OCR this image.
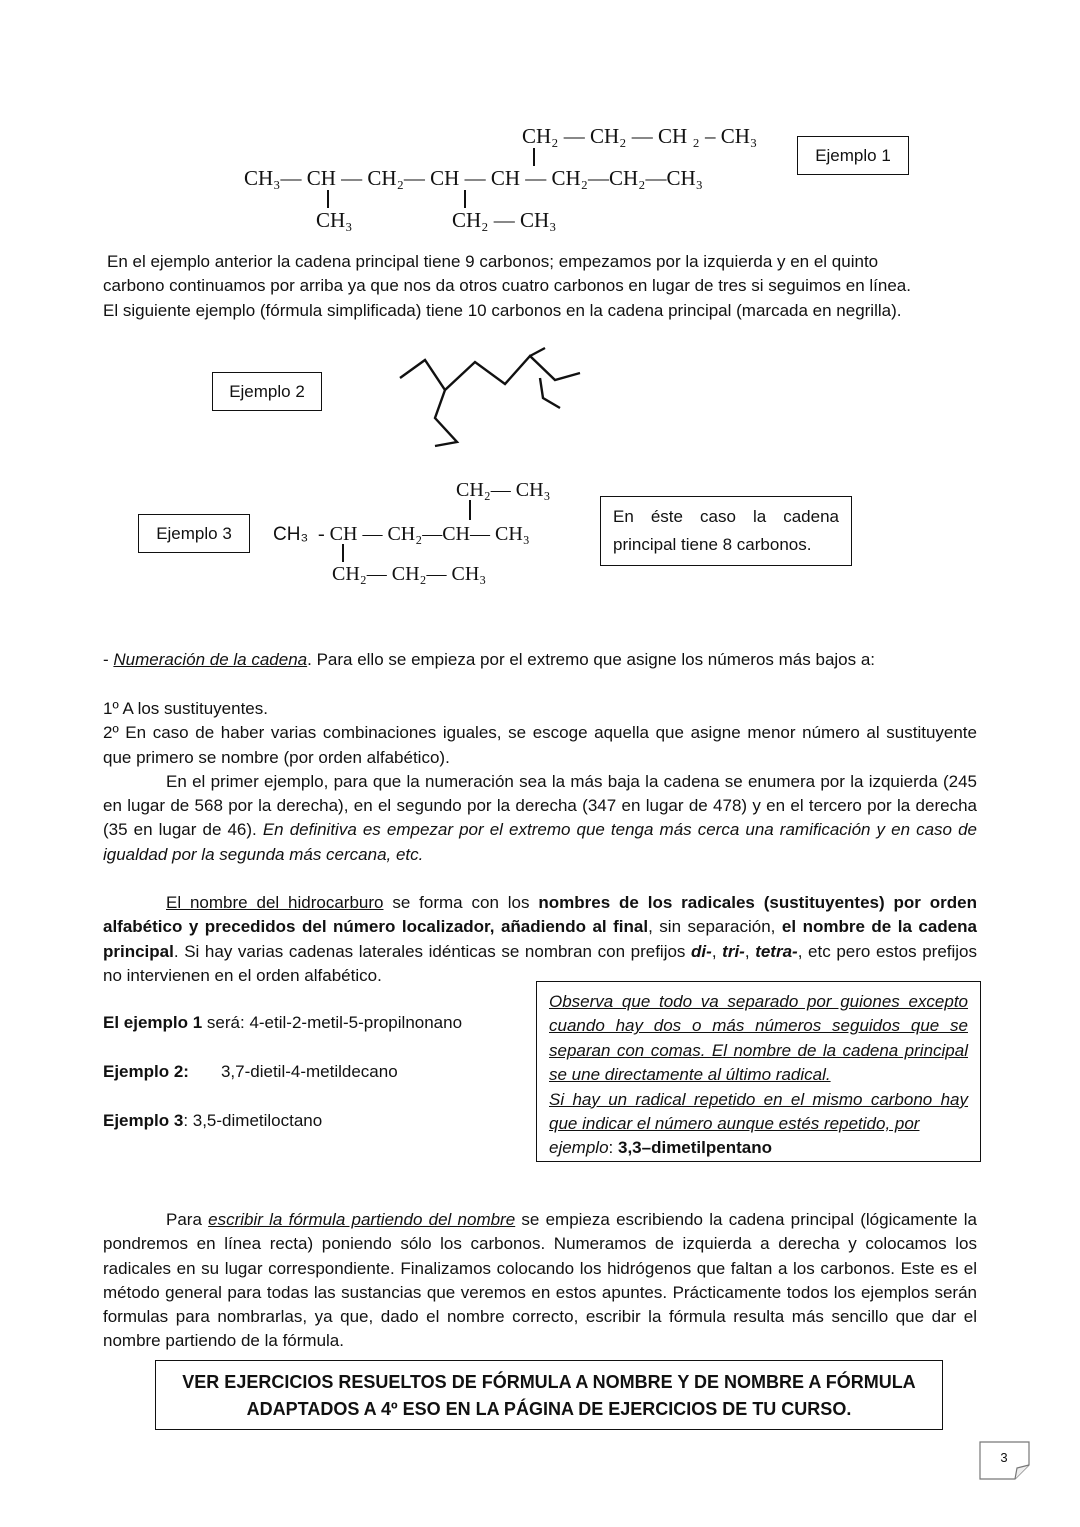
CH₂ — CH₂ — CH ₂ – CH₃
CH₃— CH — CH₂— CH — CH — CH₂—CH₂—CH₃
CH₃	CH₂ — CH₃
Ejemplo 1
En el ejemplo anterior la cadena principal tiene 9 carbonos; empezamos por la izquierda y en el quinto
carbono continuamos por arriba ya que nos da otros cuatro carbonos en lugar de tres si seguimos en línea.
El siguiente ejemplo (fórmula simplificada) tiene 10 carbonos en la cadena principal (marcada en negrilla).
Ejemplo 2
Ejemplo 3
CH₂— CH₃
CH₃ - CH — CH₂—CH— CH₃
CH₂— CH₂— CH₃
En éste caso la cadena principal tiene 8 carbonos.
- Numeración de la cadena. Para ello se empieza por el extremo que asigne los números más bajos a:
1º A los sustituyentes.
2º En caso de haber varias combinaciones iguales, se escoge aquella que asigne menor número al sustituyente que primero se nombre (por orden alfabético).
En el primer ejemplo, para que la numeración sea la más baja la cadena se enumera por la izquierda (245 en lugar de 568 por la derecha), en el segundo por la derecha (347 en lugar de 478) y en el tercero por la derecha (35 en lugar de 46). En definitiva es empezar por el extremo que tenga más cerca una ramificación y en caso de igualdad por la segunda más cercana, etc.
El nombre del hidrocarburo se forma con los nombres de los radicales (sustituyentes) por orden alfabético y precedidos del número localizador, añadiendo al final, sin separación, el nombre de la cadena principal. Si hay varias cadenas laterales idénticas se nombran con prefijos di-, tri-, tetra-, etc pero estos prefijos no intervienen en el orden alfabético.
El ejemplo 1 será: 4-etil-2-metil-5-propilnonano
Ejemplo 2: 3,7-dietil-4-metildecano
Ejemplo 3: 3,5-dimetiloctano
Observa que todo va separado por guiones excepto cuando hay dos o más números seguidos que se separan con comas. El nombre de la cadena principal se une directamente al último radical.
Si hay un radical repetido en el mismo carbono hay que indicar el número aunque estés repetido, por
ejemplo: 3,3–dimetilpentano
Para escribir la fórmula partiendo del nombre se empieza escribiendo la cadena principal (lógicamente la pondremos en línea recta) poniendo sólo los carbonos. Numeramos de izquierda a derecha y colocamos los radicales en su lugar correspondiente. Finalizamos colocando los hidrógenos que faltan a los carbonos. Este es el método general para todas las sustancias que veremos en estos apuntes. Prácticamente todos los ejemplos serán formulas para nombrarlas, ya que, dado el nombre correcto, escribir la fórmula resulta más sencillo que dar el nombre partiendo de la fórmula.
VER EJERCICIOS RESUELTOS DE FÓRMULA A NOMBRE Y DE NOMBRE A FÓRMULA
ADAPTADOS A 4º ESO EN LA PÁGINA DE EJERCICIOS DE TU CURSO.
3
